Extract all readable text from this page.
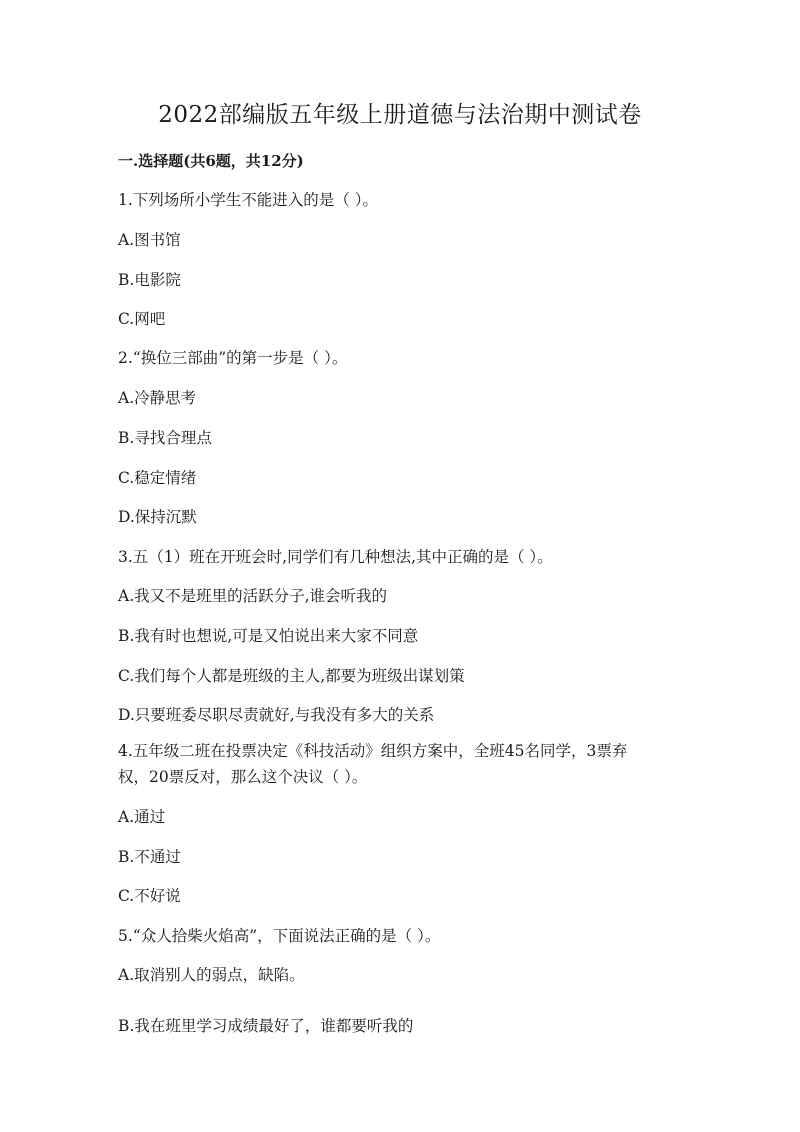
2022部编版五年级上册道德与法治期中测试卷
一.选择题(共6题，共12分)
1.下列场所小学生不能进入的是（ ）。
A.图书馆
B.电影院
C.网吧
2.“换位三部曲”的第一步是（ ）。
A.冷静思考
B.寻找合理点
C.稳定情绪
D.保持沉默
3.五（1）班在开班会时,同学们有几种想法,其中正确的是（ ）。
A.我又不是班里的活跃分子,谁会听我的
B.我有时也想说,可是又怕说出来大家不同意
C.我们每个人都是班级的主人,都要为班级出谋划策
D.只要班委尽职尽责就好,与我没有多大的关系
4.五年级二班在投票决定《科技活动》组织方案中，全班45名同学，3票弃权，20票反对，那么这个决议（ ）。
A.通过
B.不通过
C.不好说
5.“众人拾柴火焰高”，下面说法正确的是（ ）。
A.取消别人的弱点，缺陷。
B.我在班里学习成绩最好了，谁都要听我的
